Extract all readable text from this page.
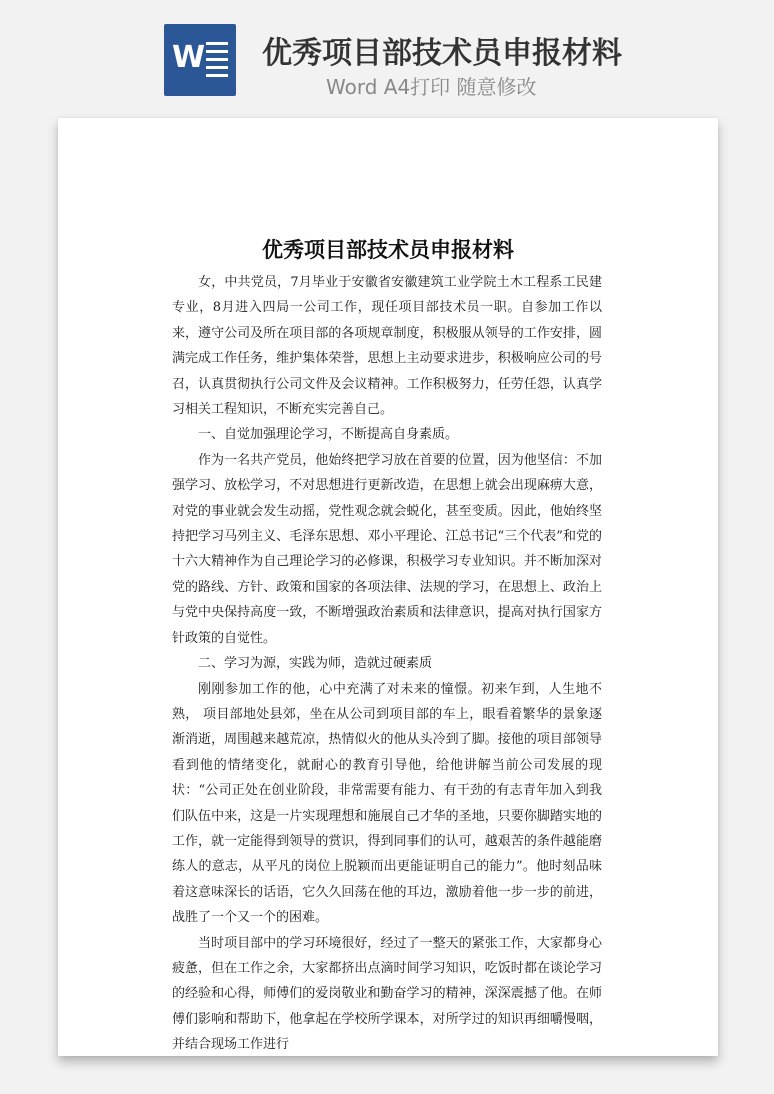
W 优秀项目部技术员申报材料
Word A4打印 随意修改
优秀项目部技术员申报材料

女，中共党员，7月毕业于安徽省安徽建筑工业学院土木工程系工民建专业，8月进入四局一公司工作，现任项目部技术员一职。自参加工作以来，遵守公司及所在项目部的各项规章制度，积极服从领导的工作安排，圆满完成工作任务，维护集体荣誉，思想上主动要求进步，积极响应公司的号召，认真贯彻执行公司文件及会议精神。工作积极努力，任劳任怨，认真学习相关工程知识，不断充实完善自己。

一、自觉加强理论学习，不断提高自身素质。

作为一名共产党员，他始终把学习放在首要的位置，因为他坚信：不加强学习、放松学习，不对思想进行更新改造，在思想上就会出现麻痹大意，对党的事业就会发生动摇，党性观念就会蜕化，甚至变质。因此，他始终坚持把学习马列主义、毛泽东思想、邓小平理论、江总书记“三个代表”和党的十六大精神作为自己理论学习的必修课，积极学习专业知识。并不断加深对党的路线、方针、政策和国家的各项法律、法规的学习，在思想上、政治上与党中央保持高度一致，不断增强政治素质和法律意识，提高对执行国家方针政策的自觉性。

二、学习为源，实践为师，造就过硬素质

刚刚参加工作的他，心中充满了对未来的憧憬。初来乍到，人生地不熟， 项目部地处县郊，坐在从公司到项目部的车上，眼看着繁华的景象逐渐消逝，周围越来越荒凉，热情似火的他从头冷到了脚。接他的项目部领导看到他的情绪变化，就耐心的教育引导他，给他讲解当前公司发展的现状：“公司正处在创业阶段，非常需要有能力、有干劲的有志青年加入到我们队伍中来，这是一片实现理想和施展自己才华的圣地，只要你脚踏实地的工作，就一定能得到领导的赏识，得到同事们的认可，越艰苦的条件越能磨练人的意志，从平凡的岗位上脱颖而出更能证明自己的能力”。他时刻品味着这意味深长的话语，它久久回荡在他的耳边，激励着他一步一步的前进，战胜了一个又一个的困难。

当时项目部中的学习环境很好，经过了一整天的紧张工作，大家都身心疲惫，但在工作之余，大家都挤出点滴时间学习知识，吃饭时都在谈论学习的经验和心得，师傅们的爱岗敬业和勤奋学习的精神，深深震撼了他。在师傅们影响和帮助下，他拿起在学校所学课本，对所学过的知识再细嚼慢咽，并结合现场工作进行
